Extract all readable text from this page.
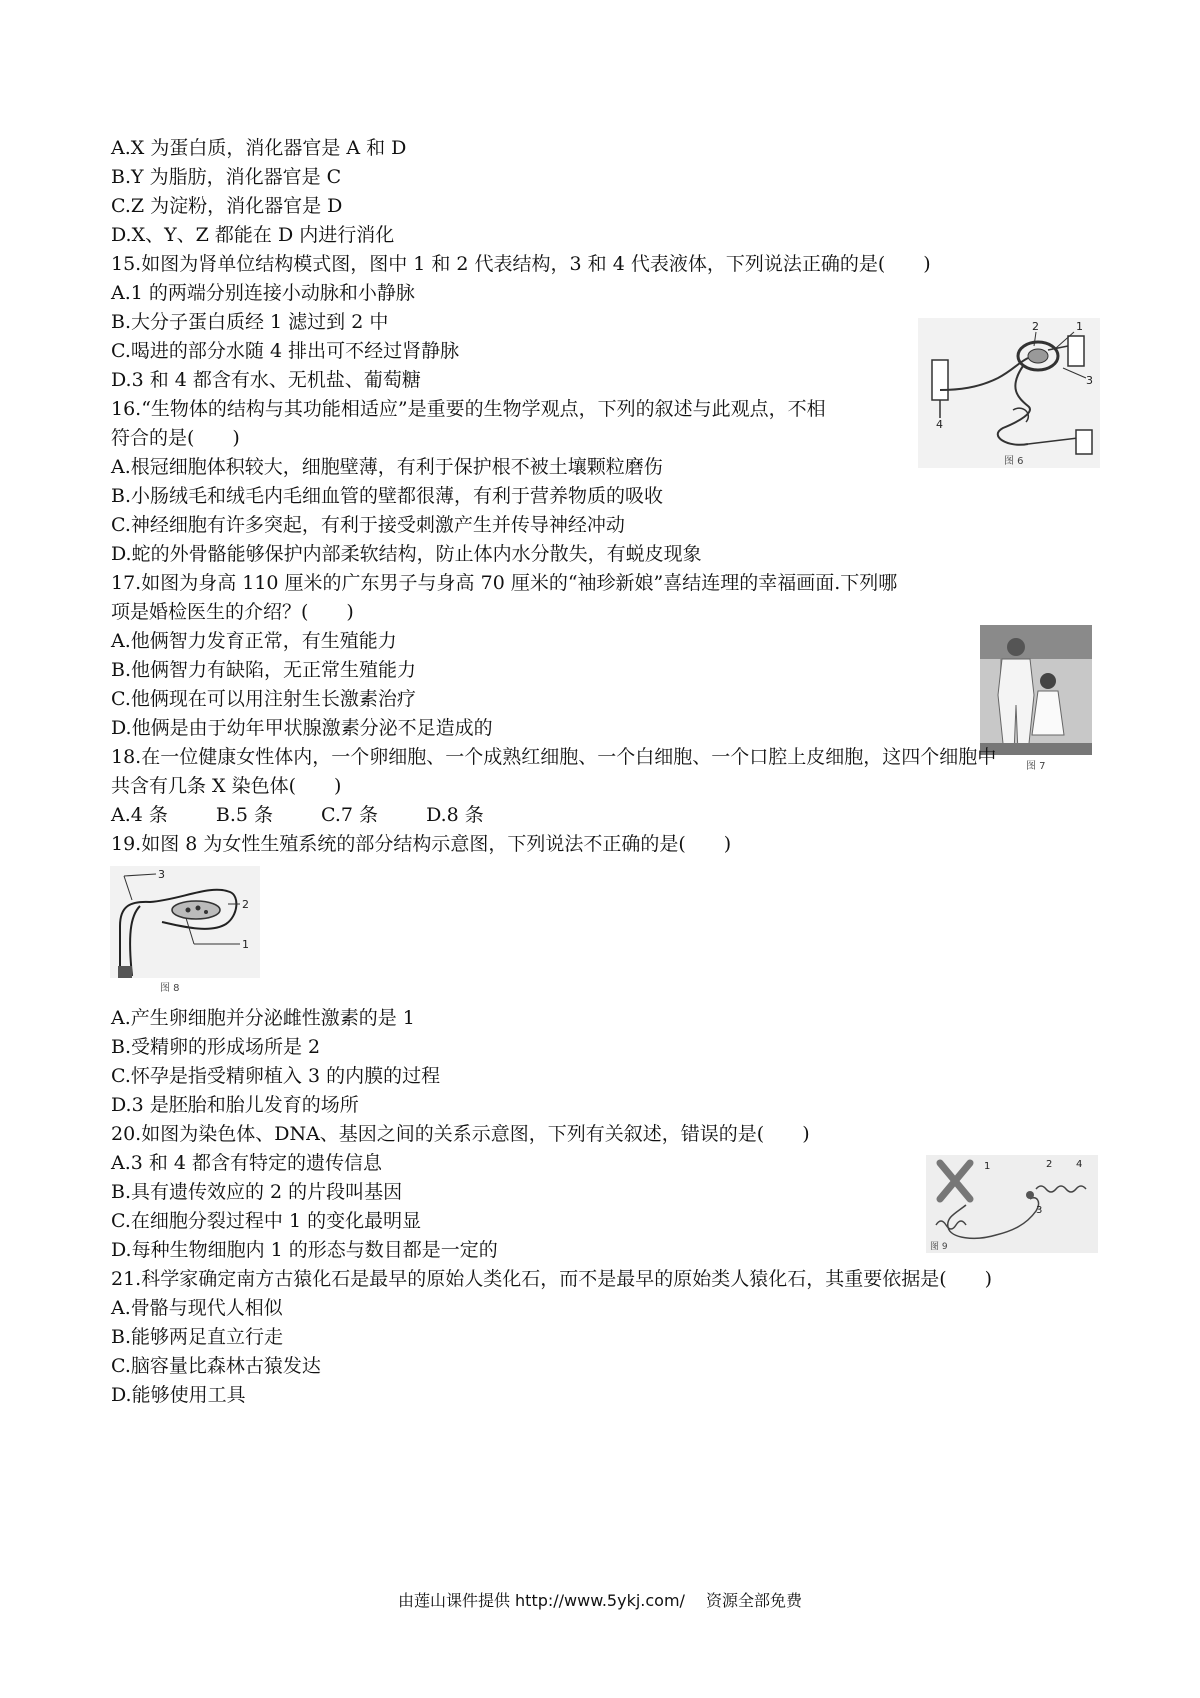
A.X 为蛋白质，消化器官是 A 和 D
B.Y 为脂肪，消化器官是 C
C.Z 为淀粉，消化器官是 D
D.X、Y、Z 都能在 D 内进行消化
15.如图为肾单位结构模式图，图中 1 和 2 代表结构，3 和 4 代表液体，下列说法正确的是(　　)
A.1 的两端分别连接小动脉和小静脉
B.大分子蛋白质经 1 滤过到 2 中
C.喝进的部分水随 4 排出可不经过肾静脉
D.3 和 4 都含有水、无机盐、葡萄糖
2	1
3
4
图 6
16.“生物体的结构与其功能相适应”是重要的生物学观点，下列的叙述与此观点，不相
符合的是(　　)
A.根冠细胞体积较大，细胞壁薄，有利于保护根不被土壤颗粒磨伤
B.小肠绒毛和绒毛内毛细血管的壁都很薄，有利于营养物质的吸收
C.神经细胞有许多突起，有利于接受刺激产生并传导神经冲动
D.蛇的外骨骼能够保护内部柔软结构，防止体内水分散失，有蜕皮现象
17.如图为身高 110 厘米的广东男子与身高 70 厘米的“袖珍新娘”喜结连理的幸福画面.下列哪
项是婚检医生的介绍？(　　)
A.他俩智力发育正常，有生殖能力
B.他俩智力有缺陷，无正常生殖能力
C.他俩现在可以用注射生长激素治疗
D.他俩是由于幼年甲状腺激素分泌不足造成的
图 7
18.在一位健康女性体内，一个卵细胞、一个成熟红细胞、一个白细胞、一个口腔上皮细胞，这四个细胞中
共含有几条 X 染色体(　　)
A.4 条	B.5 条	C.7 条	D.8 条
19.如图 8 为女性生殖系统的部分结构示意图，下列说法不正确的是(　　)
3
2
1
图 8
A.产生卵细胞并分泌雌性激素的是 1
B.受精卵的形成场所是 2
C.怀孕是指受精卵植入 3 的内膜的过程
D.3 是胚胎和胎儿发育的场所
20.如图为染色体、DNA、基因之间的关系示意图，下列有关叙述，错误的是(　　)
A.3 和 4 都含有特定的遗传信息
B.具有遗传效应的 2 的片段叫基因
C.在细胞分裂过程中 1 的变化最明显
D.每种生物细胞内 1 的形态与数目都是一定的
1	2
3
4
图 9
21.科学家确定南方古猿化石是最早的原始人类化石，而不是最早的原始类人猿化石，其重要依据是(　　)
A.骨骼与现代人相似
B.能够两足直立行走
C.脑容量比森林古猿发达
D.能够使用工具
由莲山课件提供 http://www.5ykj.com/　 资源全部免费
